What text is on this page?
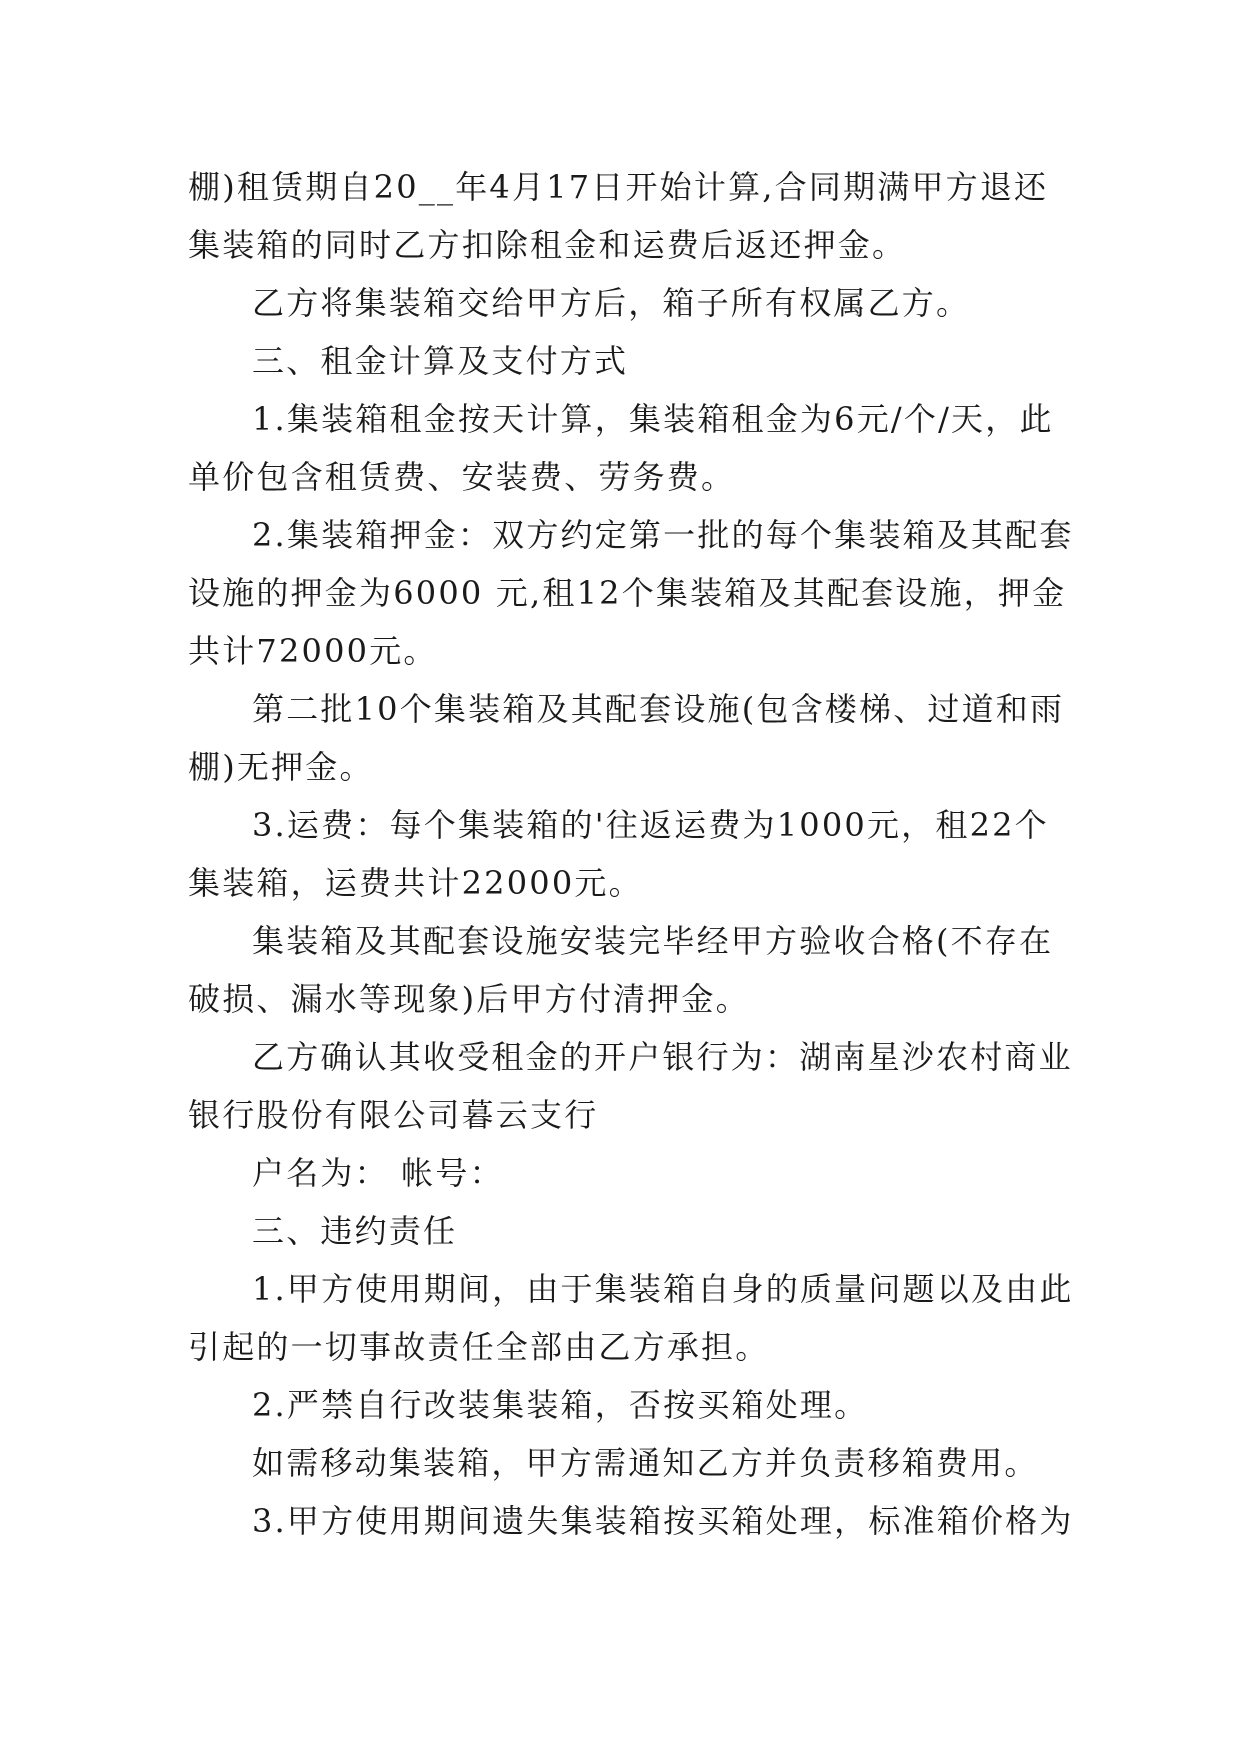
棚)租赁期自20__年4月17日开始计算,合同期满甲方退还
集装箱的同时乙方扣除租金和运费后返还押金。
乙方将集装箱交给甲方后，箱子所有权属乙方。
三、租金计算及支付方式
1.集装箱租金按天计算，集装箱租金为6元/个/天，此
单价包含租赁费、安装费、劳务费。
2.集装箱押金：双方约定第一批的每个集装箱及其配套
设施的押金为6000 元,租12个集装箱及其配套设施，押金
共计72000元。
第二批10个集装箱及其配套设施(包含楼梯、过道和雨
棚)无押金。
3.运费：每个集装箱的'往返运费为1000元，租22个
集装箱，运费共计22000元。
集装箱及其配套设施安装完毕经甲方验收合格(不存在
破损、漏水等现象)后甲方付清押金。
乙方确认其收受租金的开户银行为：湖南星沙农村商业
银行股份有限公司暮云支行
户名为： 帐号：
三、违约责任
1.甲方使用期间，由于集装箱自身的质量问题以及由此
引起的一切事故责任全部由乙方承担。
2.严禁自行改装集装箱，否按买箱处理。
如需移动集装箱，甲方需通知乙方并负责移箱费用。
3.甲方使用期间遗失集装箱按买箱处理，标准箱价格为
